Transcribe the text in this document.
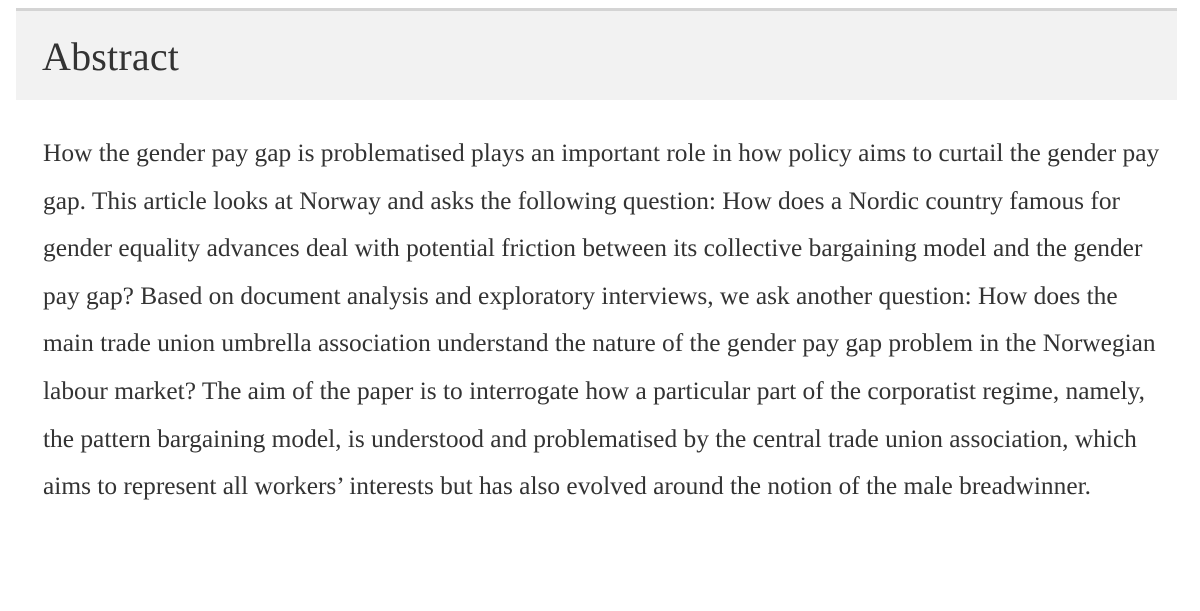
Abstract

How the gender pay gap is problematised plays an important role in how policy aims to curtail the gender pay gap. This article looks at Norway and asks the following question: How does a Nordic country famous for gender equality advances deal with potential friction between its collective bargaining model and the gender pay gap? Based on document analysis and exploratory interviews, we ask another question: How does the main trade union umbrella association understand the nature of the gender pay gap problem in the Norwegian labour market? The aim of the paper is to interrogate how a particular part of the corporatist regime, namely, the pattern bargaining model, is understood and problematised by the central trade union association, which aims to represent all workers’ interests but has also evolved around the notion of the male breadwinner.
